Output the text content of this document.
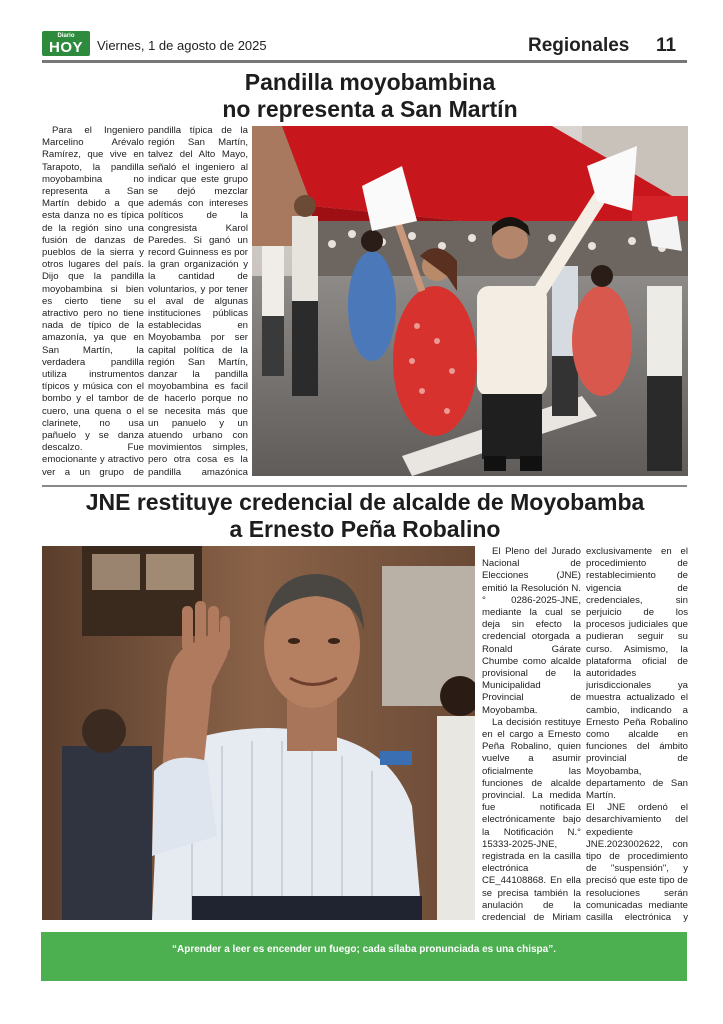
Diario
HOY	Viernes, 1 de agosto de 2025	Regionales 11
Pandilla moyobambina
no representa a San Martín

Para el Ingeniero Marcelino Arévalo Ramírez, que vive en Tarapoto, la pandilla moyobambina no representa a San Martín debido a que esta danza no es típica de la región sino una fusión de danzas de pueblos de la sierra y otros lugares del país. Dijo que la pandilla moyobambina si bien es cierto tiene su atractivo pero no tiene nada de típico de la amazonía, ya que en San Martín, la verdadera pandilla utiliza instrumentos típicos y música con el bombo y el tambor de cuero, una quena o el clarinete, no usa pañuelo y se danza descalzo. Fue emocionante y atractivo ver a un grupo de

pandilla típica de la región San Martín, talvez del Alto Mayo, señaló el ingeniero al indicar que este grupo se dejó mezclar además con intereses políticos de la congresista Karol Paredes. Si ganó un record Guinness es por la gran organización y la cantidad de voluntarios, y por tener el aval de algunas instituciones públicas establecidas en Moyobamba por ser capital política de la región San Martín, danzar la pandilla moyobambina es facil de hacerlo porque no se necesita más que un panuelo y un atuendo urbano con movimientos simples, pero otra cosa es la pandilla amazónica

JNE restituye credencial de alcalde de Moyobamba
a Ernesto Peña Robalino

El Pleno del Jurado Nacional de Elecciones (JNE) emitió la Resolución N.° 0286-2025-JNE, mediante la cual se deja sin efecto la credencial otorgada a Ronald Gárate Chumbe como alcalde provisional de la Municipalidad Provincial de Moyobamba.

La decisión restituye en el cargo a Ernesto Peña Robalino, quien vuelve a asumir oficialmente las funciones de alcalde provincial. La medida fue notificada electrónicamente bajo la Notificación N.° 15333-2025-JNE, registrada en la casilla electrónica CE_44108868. En ella se precisa también la anulación de la credencial de Miriam

exclusivamente en el procedimiento de restablecimiento de vigencia de credenciales, sin perjuicio de los procesos judiciales que pudieran seguir su curso. Asimismo, la plataforma oficial de autoridades jurisdiccionales ya muestra actualizado el cambio, indicando a Ernesto Peña Robalino como alcalde en funciones del ámbito provincial de Moyobamba, departamento de San Martín.

El JNE ordenó el desarchivamiento del expediente JNE.2023002622, con tipo de procedimiento de "suspensión", y precisó que este tipo de resoluciones serán comunicadas mediante casilla electrónica y

“Aprender a leer es encender un fuego; cada sílaba pronunciada es una chispa”.
